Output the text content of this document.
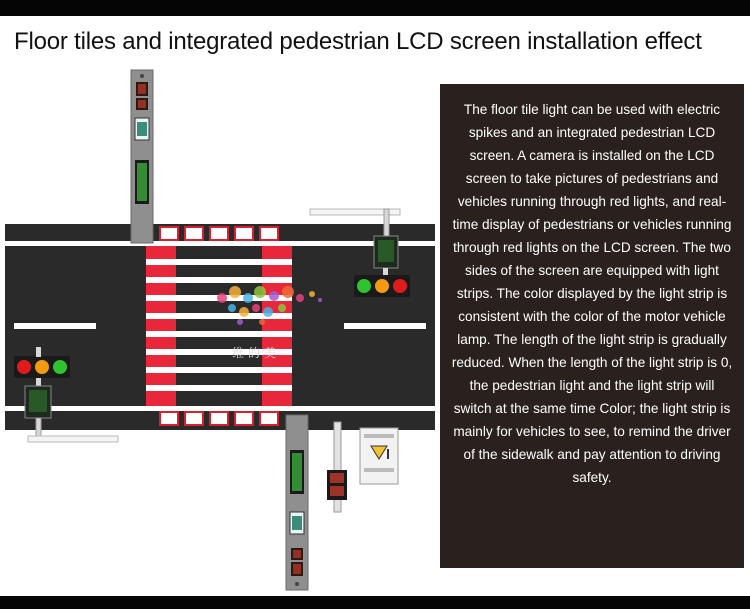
Floor tiles and integrated pedestrian LCD screen installation effect
维的美
The floor tile light can be used with electric spikes and an integrated pedestrian LCD screen. A camera is installed on the LCD screen to take pictures of pedestrians and vehicles running through red lights, and real-time display of pedestrians or vehicles running through red lights on the LCD screen. The two sides of the screen are equipped with light strips. The color displayed by the light strip is consistent with the color of the motor vehicle lamp. The length of the light strip is gradually reduced. When the length of the light strip is 0, the pedestrian light and the light strip will switch at the same time Color; the light strip is mainly for vehicles to see, to remind the driver of the sidewalk and pay attention to driving safety.
